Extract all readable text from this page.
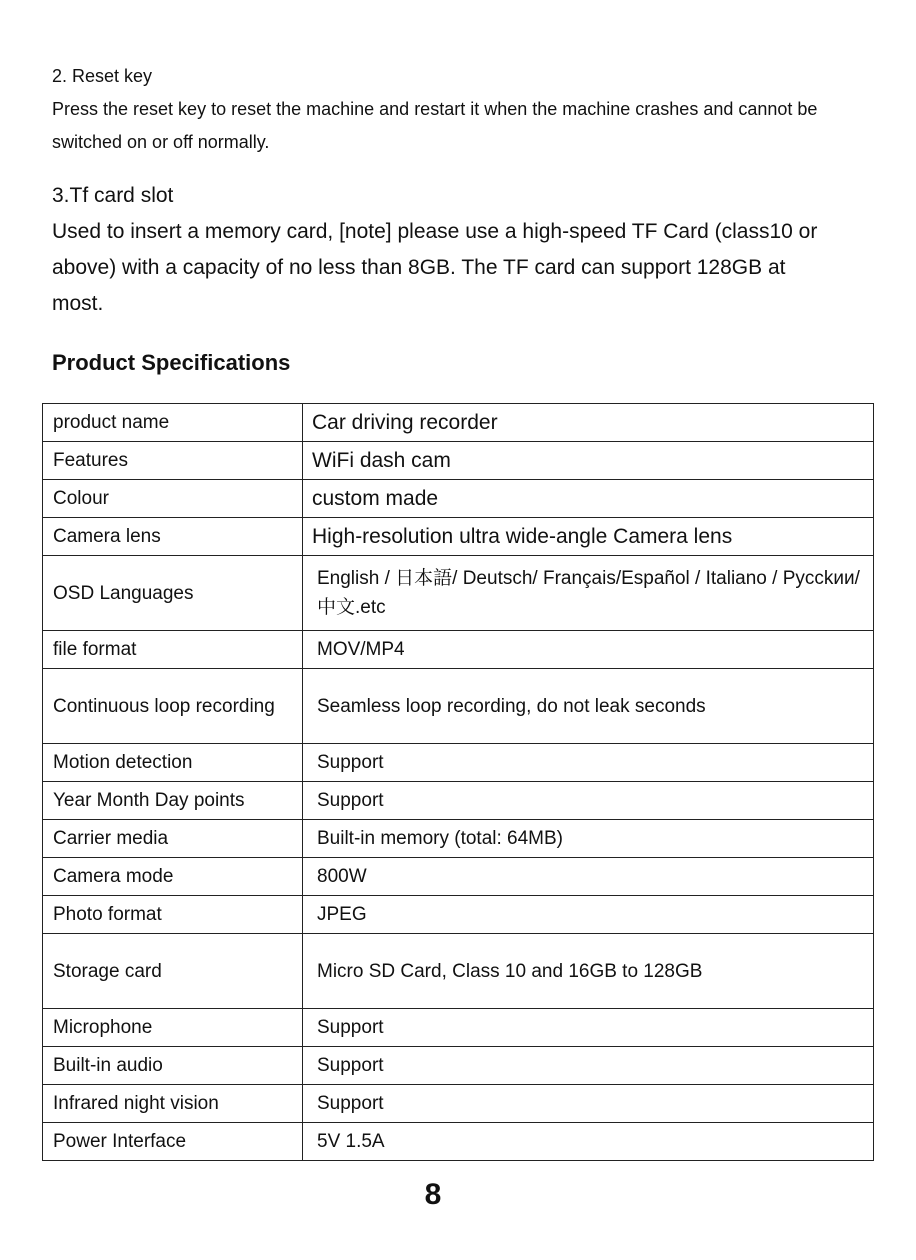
2. Reset key
Press the reset key to reset the machine and restart it when the machine crashes and cannot be switched on or off normally.
3.Tf card slot
Used to insert a memory card, [note] please use a high-speed TF Card (class10 or above) with a capacity of no less than 8GB. The TF card can support 128GB at most.
Product Specifications
product name	Car driving recorder
Features	WiFi dash cam
Colour	custom made
Camera lens	High-resolution ultra wide-angle Camera lens
OSD Languages	English / 日本語/ Deutsch/ Français/Español / Italiano / Pycckии/ 中文.etc
file format	MOV/MP4
Continuous loop recording	Seamless loop recording, do not leak seconds
Motion detection	Support
Year Month Day points	Support
Carrier media	Built-in memory (total: 64MB)
Camera mode	800W
Photo format	JPEG
Storage card	Micro SD Card, Class 10 and 16GB to 128GB
Microphone	Support
Built-in audio	Support
Infrared night vision	Support
Power Interface	5V 1.5A
8
